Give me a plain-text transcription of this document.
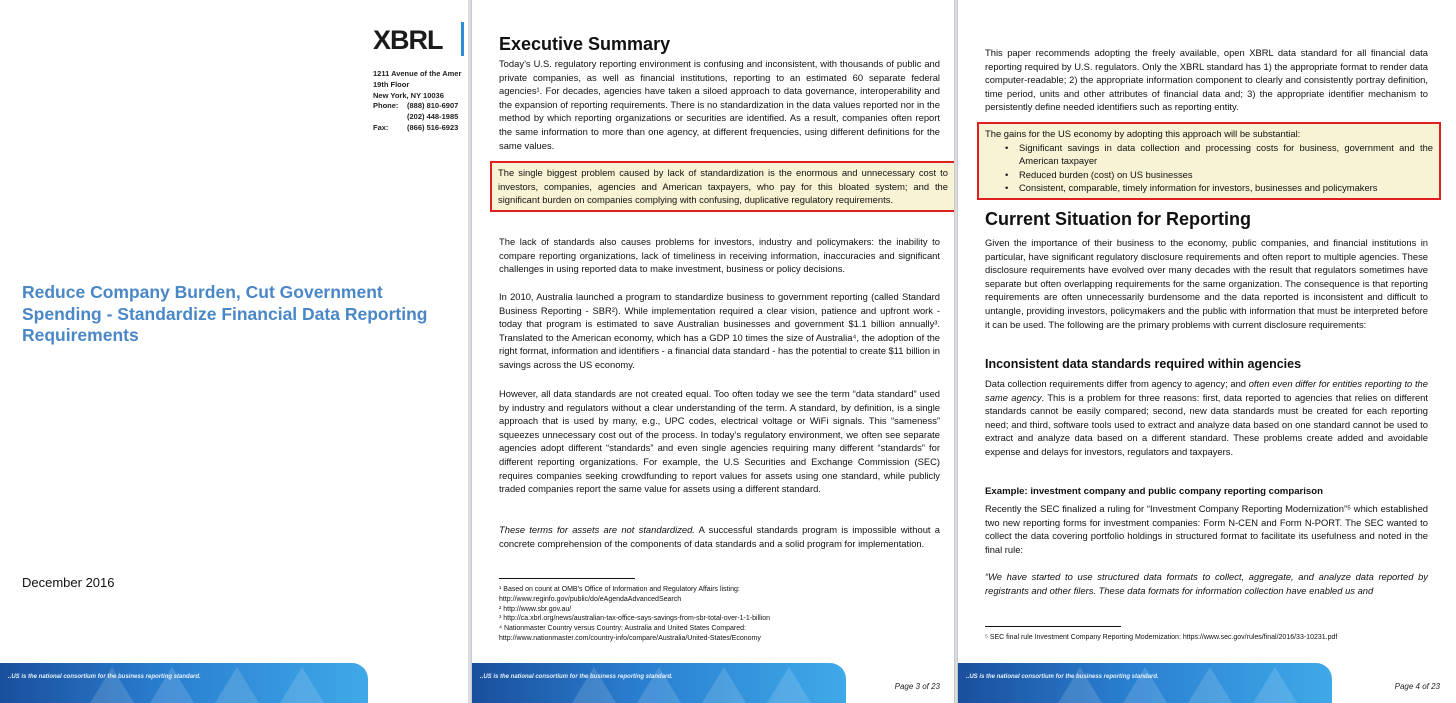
XBRL
1211 Avenue of the Amer
19th Floor
New York, NY 10036
Phone:	(888) 810-6907
(202) 448-1985
Fax:	(866) 516-6923
Reduce Company Burden, Cut Government Spending - Standardize Financial Data Reporting Requirements
December 2016
..US is the national consortium for the business reporting standard.
Executive Summary
Today’s U.S. regulatory reporting environment is confusing and inconsistent, with thousands of public and private companies, as well as financial institutions, reporting to an estimated 60 separate federal agencies¹. For decades, agencies have taken a siloed approach to data governance, interoperability and the expansion of reporting requirements. There is no standardization in the data values reported nor in the method by which reporting organizations or securities are identified. As a result, companies often report the same information to more than one agency, at different frequencies, using different definitions for the same values.
The single biggest problem caused by lack of standardization is the enormous and unnecessary cost to investors, companies, agencies and American taxpayers, who pay for this bloated system; and the significant burden on companies complying with confusing, duplicative regulatory requirements.
The lack of standards also causes problems for investors, industry and policymakers: the inability to compare reporting organizations, lack of timeliness in receiving information, inaccuracies and significant challenges in using reported data to make investment, business or policy decisions.
In 2010, Australia launched a program to standardize business to government reporting (called Standard Business Reporting - SBR²). While implementation required a clear vision, patience and upfront work - today that program is estimated to save Australian businesses and government $1.1 billion annually³. Translated to the American economy, which has a GDP 10 times the size of Australia⁴, the adoption of the right format, information and identifiers - a financial data standard - has the potential to create $11 billion in savings across the US economy.
However, all data standards are not created equal. Too often today we see the term “data standard” used by industry and regulators without a clear understanding of the term. A standard, by definition, is a single approach that is used by many, e.g., UPC codes, electrical voltage or WiFi signals. This “sameness” squeezes unnecessary cost out of the process. In today’s regulatory environment, we often see separate agencies adopt different “standards” and even single agencies requiring many different “standards” for different reporting organizations. For example, the U.S Securities and Exchange Commission (SEC) requires companies seeking crowdfunding to report values for assets using one standard, while publicly traded companies report the same value for assets using a different standard.
These terms for assets are not standardized. A successful standards program is impossible without a concrete comprehension of the components of data standards and a solid program for implementation.
¹ Based on count at OMB’s Office of Information and Regulatory Affairs listing:
http://www.reginfo.gov/public/do/eAgendaAdvancedSearch
² http://www.sbr.gov.au/
³ http://ca.xbrl.org/news/australian-tax-office-says-savings-from-sbr-total-over-1-1-billion
⁴ Nationmaster Country versus Country: Australia and United States Compared:
http://www.nationmaster.com/country-info/compare/Australia/United-States/Economy
..US is the national consortium for the business reporting standard.
Page 3 of 23
This paper recommends adopting the freely available, open XBRL data standard for all financial data reporting required by U.S. regulators. Only the XBRL standard has 1) the appropriate format to render data computer-readable; 2) the appropriate information component to clearly and consistently portray definition, time period, units and other attributes of financial data and; 3) the appropriate identifier mechanism to persistently define needed identifiers such as reporting entity.
The gains for the US economy by adopting this approach will be substantial:
• Significant savings in data collection and processing costs for business, government and the American taxpayer
• Reduced burden (cost) on US businesses
• Consistent, comparable, timely information for investors, businesses and policymakers
Current Situation for Reporting
Given the importance of their business to the economy, public companies, and financial institutions in particular, have significant regulatory disclosure requirements and often report to multiple agencies. These disclosure requirements have evolved over many decades with the result that regulators sometimes have separate but often overlapping requirements for the same organization. The consequence is that reporting requirements are often unnecessarily burdensome and the data reported is inconsistent and difficult to untangle, providing investors, policymakers and the public with information that must be interpreted before it can be used. The following are the primary problems with current disclosure requirements:
Inconsistent data standards required within agencies
Data collection requirements differ from agency to agency; and often even differ for entities reporting to the same agency. This is a problem for three reasons: first, data reported to agencies that relies on different standards cannot be easily compared; second, new data standards must be created for each reporting need; and third, software tools used to extract and analyze data based on one standard cannot be used to extract and analyze data based on a different standard. These problems create added and avoidable expense and delays for investors, regulators and taxpayers.
Example: investment company and public company reporting comparison
Recently the SEC finalized a ruling for “Investment Company Reporting Modernization”⁵ which established two new reporting forms for investment companies: Form N-CEN and Form N-PORT. The SEC wanted to collect the data covering portfolio holdings in structured format to facilitate its usefulness and noted in the final rule:
“We have started to use structured data formats to collect, aggregate, and analyze data reported by registrants and other filers. These data formats for information collection have enabled us and
⁵ SEC final rule Investment Company Reporting Modernization: https://www.sec.gov/rules/final/2016/33-10231.pdf
..US is the national consortium for the business reporting standard.
Page 4 of 23
